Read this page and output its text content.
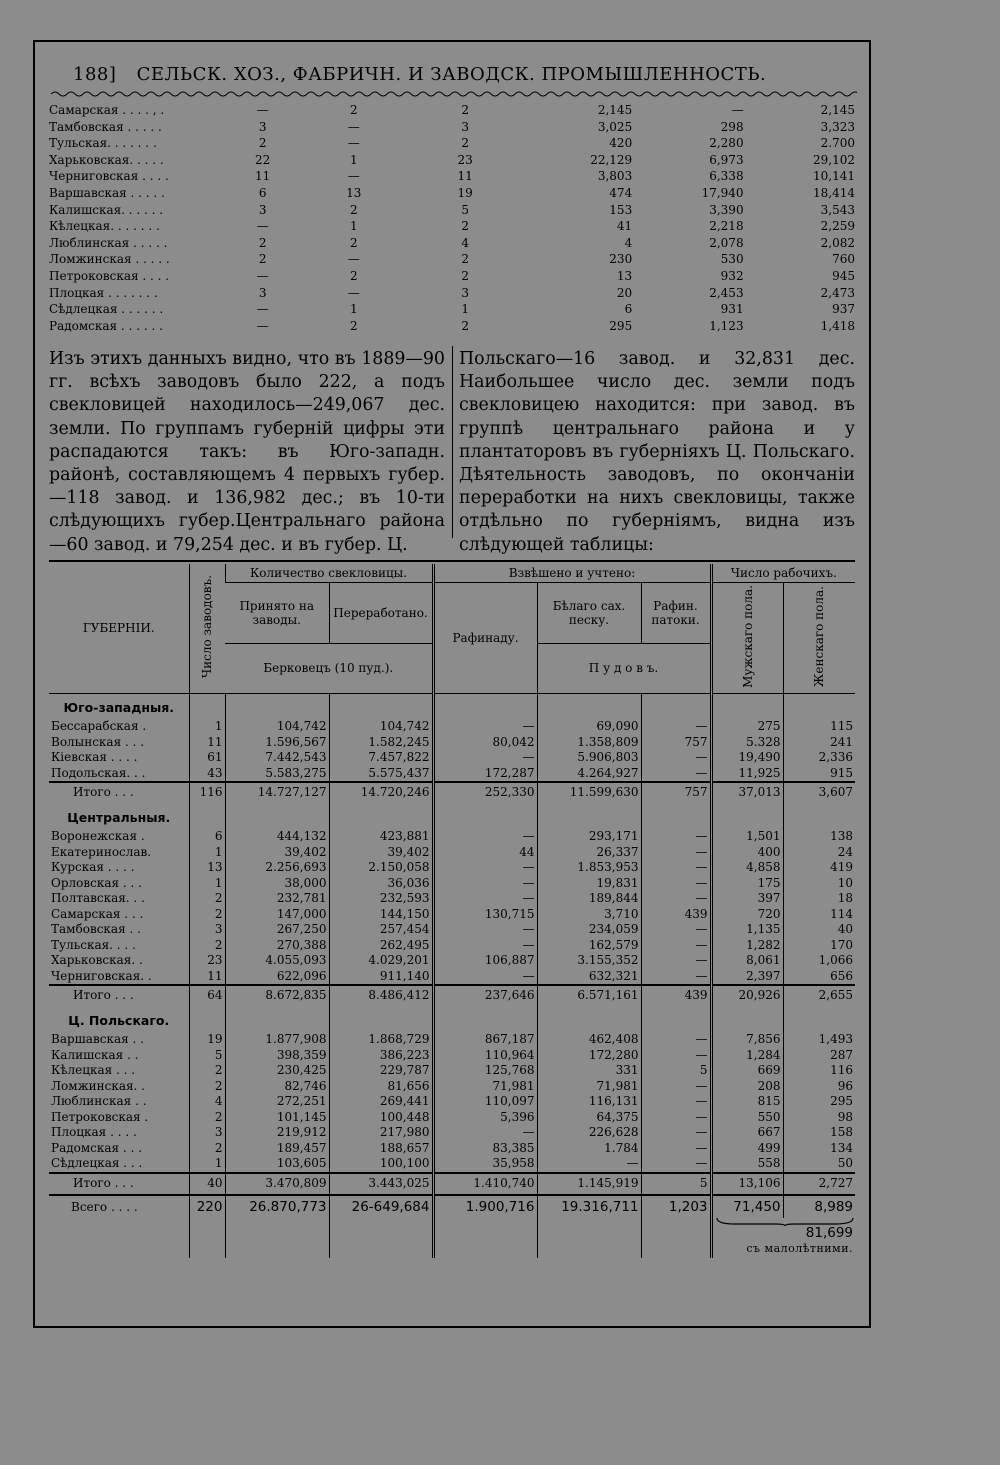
188] СЕЛЬСК. ХОЗ., ФАБРИЧН. И ЗАВОДСК. ПРОМЫШЛЕННОСТЬ.
Самарская . . . . , .	—	2	2	2,145	—	2,145
Тамбовская . . . . .	3	—	3	3,025	298	3,323
Тульская. . . . . . .	2	—	2	420	2,280	2.700
Харьковская. . . . .	22	1	23	22,129	6,973	29,102
Черниговская . . . .	11	—	11	3,803	6,338	10,141
Варшавская . . . . .	6	13	19	474	17,940	18,414
Калишская. . . . . .	3	2	5	153	3,390	3,543
Кѣлецкая. . . . . . .	—	1	2	41	2,218	2,259
Люблинская . . . . .	2	2	4	4	2,078	2,082
Ломжинская . . . . .	2	—	2	230	530	760
Петроковская . . . .	—	2	2	13	932	945
Плоцкая . . . . . . .	3	—	3	20	2,453	2,473
Сѣдлецкая . . . . . .	—	1	1	6	931	937
Радомская . . . . . .	—	2	2	295	1,123	1,418
Изъ этихъ данныхъ видно, что въ 1889—90 гг. всѣхъ заводовъ было 222, а подъ свекловицей находилось—249,067 дес. земли. По группамъ губерній цифры эти распадаются такъ: въ Юго-западн. районѣ, составляющемъ 4 первыхъ губер.—118 завод. и 136,982 дес.; въ 10-ти слѣдующихъ губер.Центральнаго района—60 завод. и 79,254 дес. и въ губер. Ц.
Польскаго—16 завод. и 32,831 дес. Наибольшее число дес. земли подъ свекловицею находится: при завод. въ группѣ центральнаго района и у плантаторовъ въ губерніяхъ Ц. Польскаго. Дѣятельность заводовъ, по окончаніи переработки на нихъ свекловицы, также отдѣльно по губерніямъ, видна изъ слѣдующей таблицы:
ГУБЕРНІИ.	Число заводовъ.	Количество свекловицы.		Взвѣшено и учтено:			Число рабочихъ.	
		Принято на заводы.	Переработано.	Рафинаду.	Бѣлаго сах. песку.	Рафин. патоки.	Мужскаго пола.	Женскаго пола.
		Берковецъ (10 пуд.).			П у д о в ъ.			
Юго-западныя.								
Бессарабская .	1	104,742	104,742	—	69,090	—	275	115
Волынская . . .	11	1.596,567	1.582,245	80,042	1.358,809	757	5.328	241
Кіевская . . . .	61	7.442,543	7.457,822	—	5.906,803	—	19,490	2,336
Подольская. . .	43	5.583,275	5.575,437	172,287	4.264,927	—	11,925	915
Итого . . .	116	14.727,127	14.720,246	252,330	11.599,630	757	37,013	3,607
Центральныя.								
Воронежская .	6	444,132	423,881	—	293,171	—	1,501	138
Екатеринослав.	1	39,402	39,402	44	26,337	—	400	24
Курская . . . .	13	2.256,693	2.150,058	—	1.853,953	—	4,858	419
Орловская . . .	1	38,000	36,036	—	19,831	—	175	10
Полтавская. . .	2	232,781	232,593	—	189,844	—	397	18
Самарская . . .	2	147,000	144,150	130,715	3,710	439	720	114
Тамбовская . .	3	267,250	257,454	—	234,059	—	1,135	40
Тульская. . . .	2	270,388	262,495	—	162,579	—	1,282	170
Харьковская. .	23	4.055,093	4.029,201	106,887	3.155,352	—	8,061	1,066
Черниговская. .	11	622,096	911,140	—	632,321	—	2,397	656
Итого . . .	64	8.672,835	8.486,412	237,646	6.571,161	439	20,926	2,655
Ц. Польскаго.								
Варшавская . .	19	1.877,908	1.868,729	867,187	462,408	—	7,856	1,493
Калишская . .	5	398,359	386,223	110,964	172,280	—	1,284	287
Кѣлецкая . . .	2	230,425	229,787	125,768	331	5	669	116
Ломжинская. .	2	82,746	81,656	71,981	71,981	—	208	96
Люблинская . .	4	272,251	269,441	110,097	116,131	—	815	295
Петроковская .	2	101,145	100,448	5,396	64,375	—	550	98
Плоцкая . . . .	3	219,912	217,980	—	226,628	—	667	158
Радомская . . .	2	189,457	188,657	83,385	1.784	—	499	134
Сѣдлецкая . . .	1	103,605	100,100	35,958	—	—	558	50
Итого . . .	40	3.470,809	3.443,025	1.410,740	1.145,919	5	13,106	2,727
Всего . . . .	220	26.870,773	26-649,684	1.900,716	19.316,711	1,203	71,450	8,989

							81,699
съ малолѣтними.	
